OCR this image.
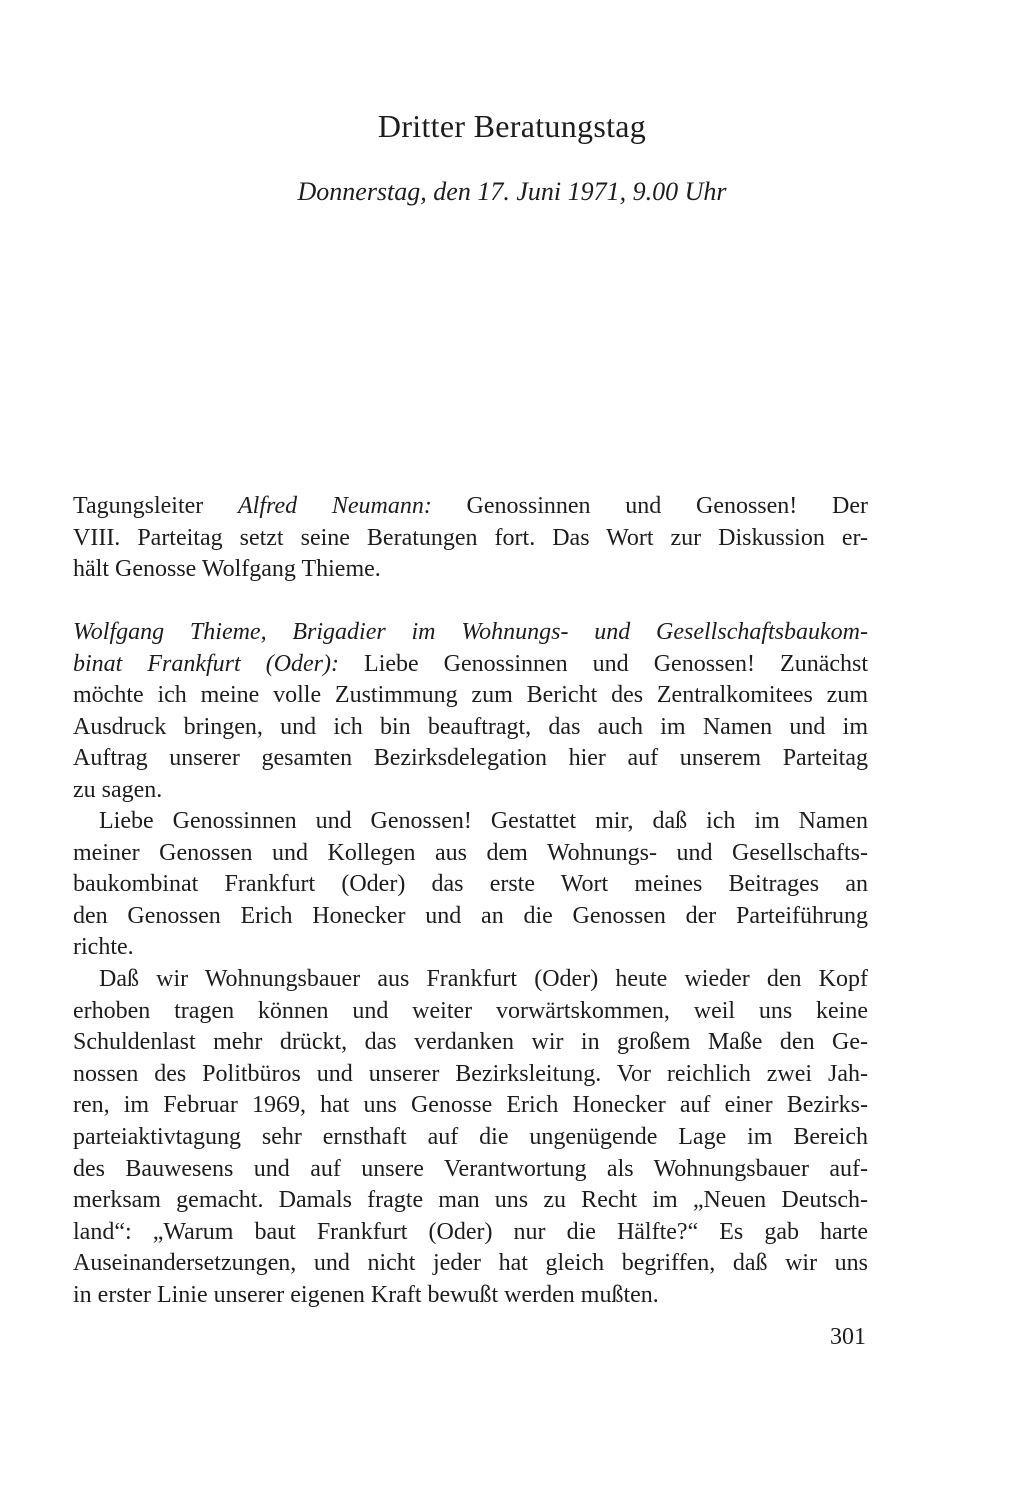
Dritter Beratungstag
Donnerstag, den 17. Juni 1971, 9.00 Uhr
Tagungsleiter Alfred Neumann: Genossinnen und Genossen! Der
VIII. Parteitag setzt seine Beratungen fort. Das Wort zur Diskussion er-
hält Genosse Wolfgang Thieme.
Wolfgang Thieme, Brigadier im Wohnungs- und Gesellschaftsbaukom-
binat Frankfurt (Oder): Liebe Genossinnen und Genossen! Zunächst
möchte ich meine volle Zustimmung zum Bericht des Zentralkomitees zum
Ausdruck bringen, und ich bin beauftragt, das auch im Namen und im
Auftrag unserer gesamten Bezirksdelegation hier auf unserem Parteitag
zu sagen.
Liebe Genossinnen und Genossen! Gestattet mir, daß ich im Namen
meiner Genossen und Kollegen aus dem Wohnungs- und Gesellschafts-
baukombinat Frankfurt (Oder) das erste Wort meines Beitrages an
den Genossen Erich Honecker und an die Genossen der Parteiführung
richte.
Daß wir Wohnungsbauer aus Frankfurt (Oder) heute wieder den Kopf
erhoben tragen können und weiter vorwärtskommen, weil uns keine
Schuldenlast mehr drückt, das verdanken wir in großem Maße den Ge-
nossen des Politbüros und unserer Bezirksleitung. Vor reichlich zwei Jah-
ren, im Februar 1969, hat uns Genosse Erich Honecker auf einer Bezirks-
parteiaktivtagung sehr ernsthaft auf die ungenügende Lage im Bereich
des Bauwesens und auf unsere Verantwortung als Wohnungsbauer auf-
merksam gemacht. Damals fragte man uns zu Recht im „Neuen Deutsch-
land“: „Warum baut Frankfurt (Oder) nur die Hälfte?“ Es gab harte
Auseinandersetzungen, und nicht jeder hat gleich begriffen, daß wir uns
in erster Linie unserer eigenen Kraft bewußt werden mußten.
301
